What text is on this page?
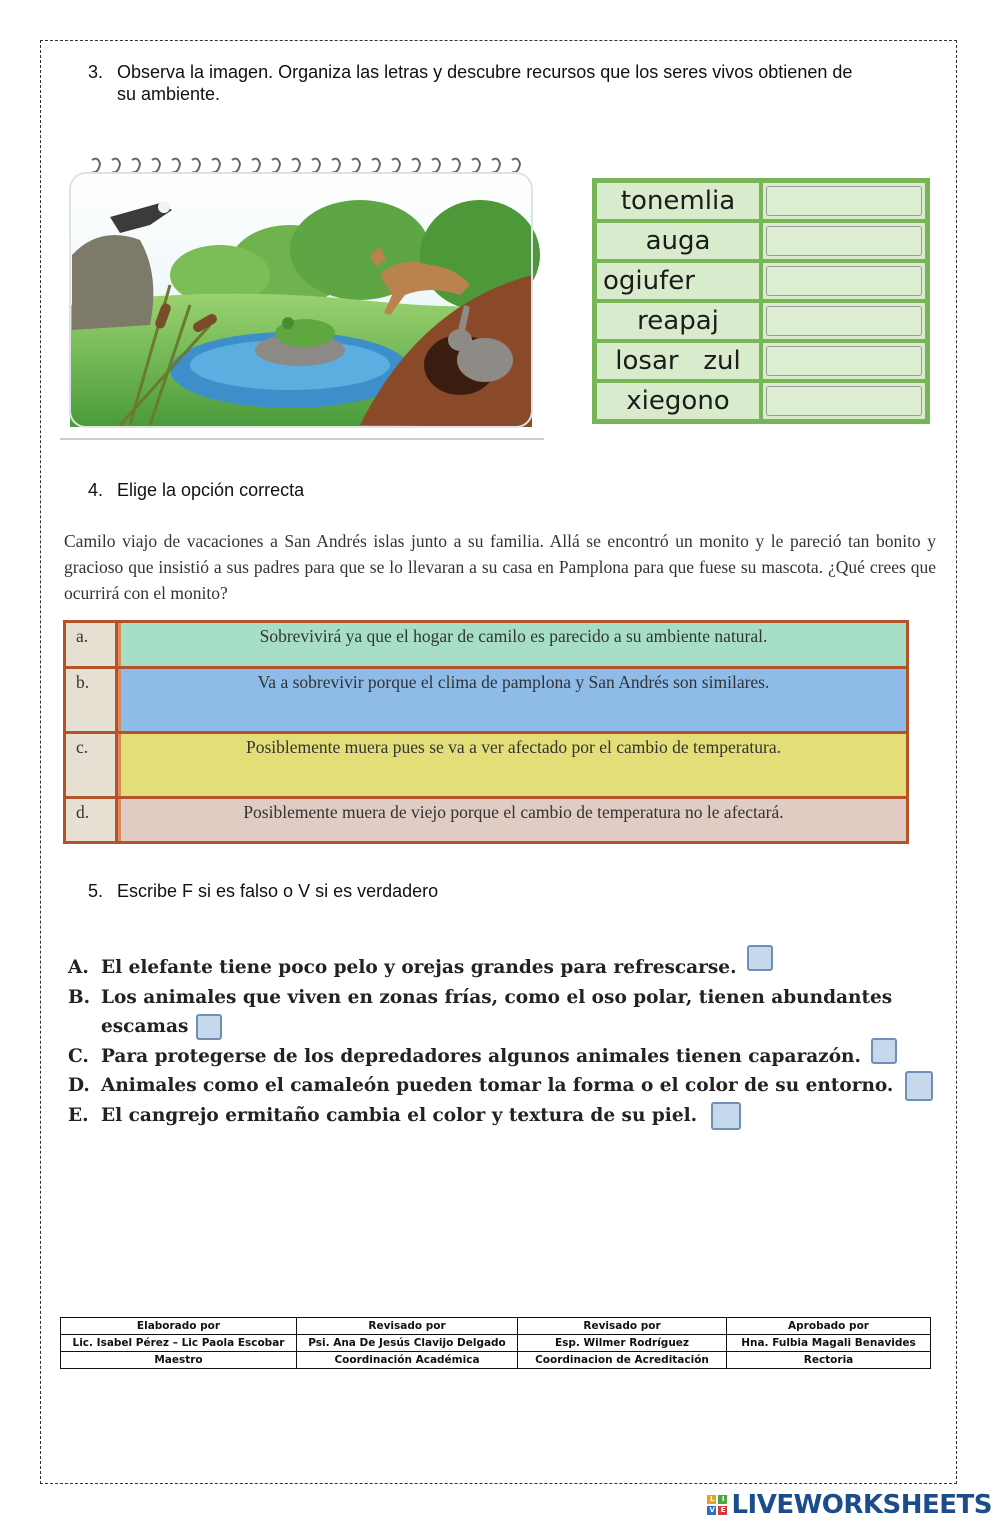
3. Observa la imagen. Organiza las letras y descubre recursos que los seres vivos obtienen de
su ambiente.
tonemlia
auga
ogiufer
reapaj
losar   zul
xiegono
4. Elige la opción correcta
Camilo viajo de vacaciones a San Andrés islas junto a su familia. Allá se encontró un monito y le pareció tan bonito y gracioso que insistió a sus padres para que se lo llevaran a su casa en Pamplona para que fuese su mascota. ¿Qué crees que ocurrirá con el monito?
a.	Sobrevivirá ya que el hogar de camilo es parecido a su ambiente natural.
b.	Va a sobrevivir porque el clima de pamplona y San Andrés son similares.
c.	Posiblemente muera pues se va a ver afectado por el cambio de temperatura.
d.	Posiblemente muera de viejo porque el cambio de temperatura no le afectará.
5. Escribe F si es falso o V si es verdadero
A. El elefante tiene poco pelo y orejas grandes para refrescarse.
B. Los animales que viven en zonas frías, como el oso polar, tienen abundantes
escamas
C. Para protegerse de los depredadores algunos animales tienen caparazón.
D. Animales como el camaleón pueden tomar la forma o el color de su entorno.
E. El cangrejo ermitaño cambia el color y textura de su piel.
Elaborado por	Revisado por	Revisado por	Aprobado por
Lic. Isabel Pérez – Lic Paola Escobar	Psi. Ana De Jesús Clavijo Delgado	Esp. Wilmer Rodríguez	Hna. Fulbia Magali Benavides
Maestro	Coordinación Académica	Coordinacion de Acreditación	Rectoria
L	I
V E LIVEWORKSHEETS
